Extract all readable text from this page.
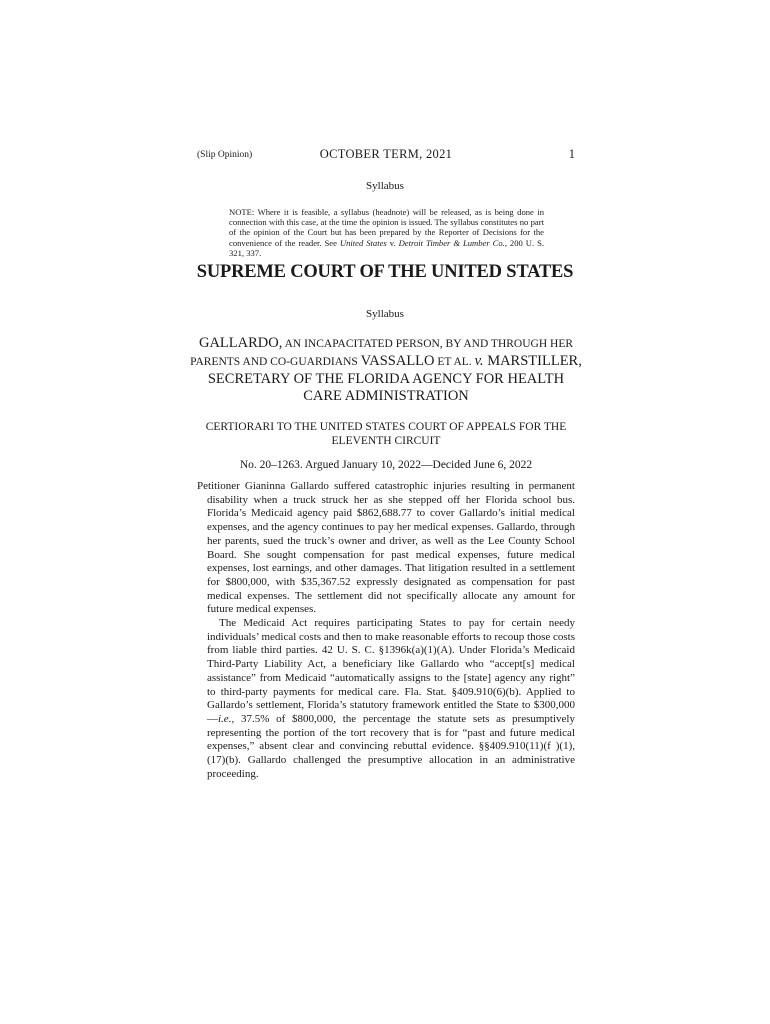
(Slip Opinion)	OCTOBER TERM, 2021	1
Syllabus
NOTE: Where it is feasible, a syllabus (headnote) will be released, as is being done in connection with this case, at the time the opinion is issued. The syllabus constitutes no part of the opinion of the Court but has been prepared by the Reporter of Decisions for the convenience of the reader. See United States v. Detroit Timber & Lumber Co., 200 U. S. 321, 337.
SUPREME COURT OF THE UNITED STATES
Syllabus
GALLARDO, AN INCAPACITATED PERSON, BY AND THROUGH HER PARENTS AND CO-GUARDIANS VASSALLO ET AL. v. MARSTILLER, SECRETARY OF THE FLORIDA AGENCY FOR HEALTH CARE ADMINISTRATION
CERTIORARI TO THE UNITED STATES COURT OF APPEALS FOR THE ELEVENTH CIRCUIT
No. 20–1263. Argued January 10, 2022—Decided June 6, 2022

Petitioner Gianinna Gallardo suffered catastrophic injuries resulting in permanent disability when a truck struck her as she stepped off her Florida school bus. Florida’s Medicaid agency paid $862,688.77 to cover Gallardo’s initial medical expenses, and the agency continues to pay her medical expenses. Gallardo, through her parents, sued the truck’s owner and driver, as well as the Lee County School Board. She sought compensation for past medical expenses, future medical expenses, lost earnings, and other damages. That litigation resulted in a settlement for $800,000, with $35,367.52 expressly designated as compensation for past medical expenses. The settlement did not specifically allocate any amount for future medical expenses.

The Medicaid Act requires participating States to pay for certain needy individuals’ medical costs and then to make reasonable efforts to recoup those costs from liable third parties. 42 U. S. C. §1396k(a)(1)(A). Under Florida’s Medicaid Third-Party Liability Act, a beneficiary like Gallardo who “accept[s] medical assistance” from Medicaid “automatically assigns to the [state] agency any right” to third-party payments for medical care. Fla. Stat. §409.910(6)(b). Applied to Gallardo’s settlement, Florida’s statutory framework entitled the State to $300,000—i.e., 37.5% of $800,000, the percentage the statute sets as presumptively representing the portion of the tort recovery that is for “past and future medical expenses,” absent clear and convincing rebuttal evidence. §§409.910(11)(f )(1), (17)(b). Gallardo challenged the presumptive allocation in an administrative proceeding.
